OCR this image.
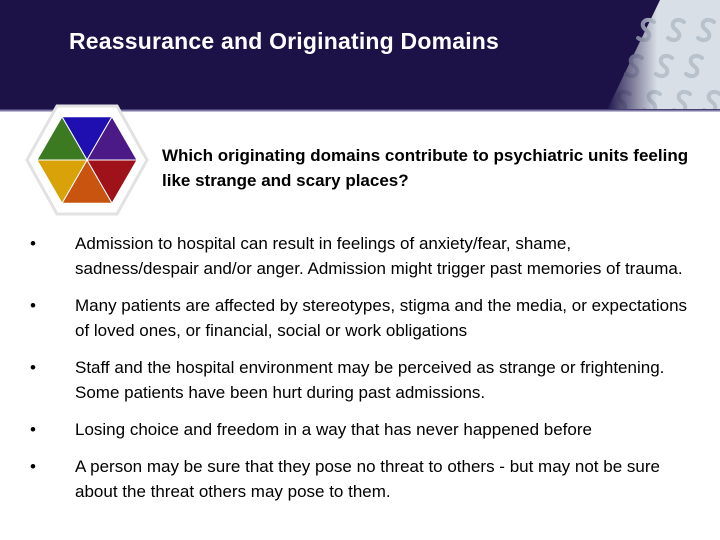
Reassurance and Originating Domains

Which originating domains contribute to psychiatric units feeling like strange and scary places?

• Admission to hospital can result in feelings of anxiety/fear, shame, sadness/despair and/or anger. Admission might trigger past memories of trauma.
• Many patients are affected by stereotypes, stigma and the media, or expectations of loved ones, or financial, social or work obligations
• Staff and the hospital environment may be perceived as strange or frightening. Some patients have been hurt during past admissions.
• Losing choice and freedom in a way that has never happened before
• A person may be sure that they pose no threat to others - but may not be sure about the threat others may pose to them.
